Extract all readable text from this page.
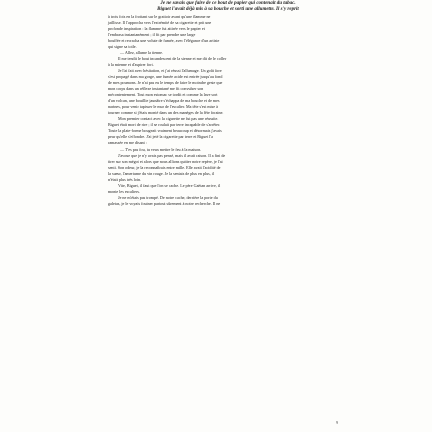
Je ne savais que faire de ce bout de papier qui contenait du tabac.

Biguet l'avait déjà mis à sa bouche et sorti une allumette. Il s'y reprit

à trois fois en la frottant sur le grattoir avant qu'une flamme ne

jaillisse. Il l'approcha vers l'extrémité de sa cigarette et prit une

profonde inspiration : la flamme fut attirée vers le papier et

l'embrasa instantanément ; il fit par prendre une large

bouffée et recracha une volute de fumée, avec l'élégance d'un artiste

qui signe sa toile.

— Allez, allume la tienne.

Il me tendit le bout incandescent de la sienne et me dit de le coller

à la mienne et d'aspirer fort.

Je l'ai fait avec hésitation, et j'ai réussi l'allumage. Un goût âcre

s'est propagé dans ma gorge, une fumée acide est entrée jusqu'au fond

de mes poumons. Je n'ai pas eu le temps de faire le moindre geste que

mon corps dans un réflexe instantané me fit convulser son

mécontentement. Tout mon estomac se tordit et comme la lave sort

d'un volcan, une bouillie jaunâtre s'échappa de ma bouche et de mes

narines, pour venir tapisser le mur de l'escalier. Ma tête s'est mise à

tourner comme si j'étais monté dans un des manèges de la fête foraine.

Mon premier contact avec la cigarette ne fut pas une réussite.

Biguet était mort de rire ; il se roulait par terre incapable de s'arrêter.

Toute la plate-forme bougeait vraiment beaucoup et désormais j'avais

peur qu'elle s'effondre. J'ai jeté la cigarette par terre et Biguet l'a

ramassée en me disant :

— T'es pas fou, tu veux mettre le feu à la maison.

J'avoue que je n'y avais pas pensé, mais il avait raison. Il a fini de

tirer sur son mégot et alors que nous allions quitter notre repère, je l'ai

senti. Son odeur, je la reconnaîtrais entre mille. Elle avait l'acidité de

la sueur, l'amertume du vin rouge. Je la sentais de plus en plus, il

n'était plus très loin.

Vite, Biguet, il faut que l'on se cache. Le père Gaëtan arrive, il

monte les escaliers.

Je ne m'étais pas trompé. De notre cache, derrière la porte du

galetas, je le voyais fouiner partout sûrement à notre recherche. Il ne

9
